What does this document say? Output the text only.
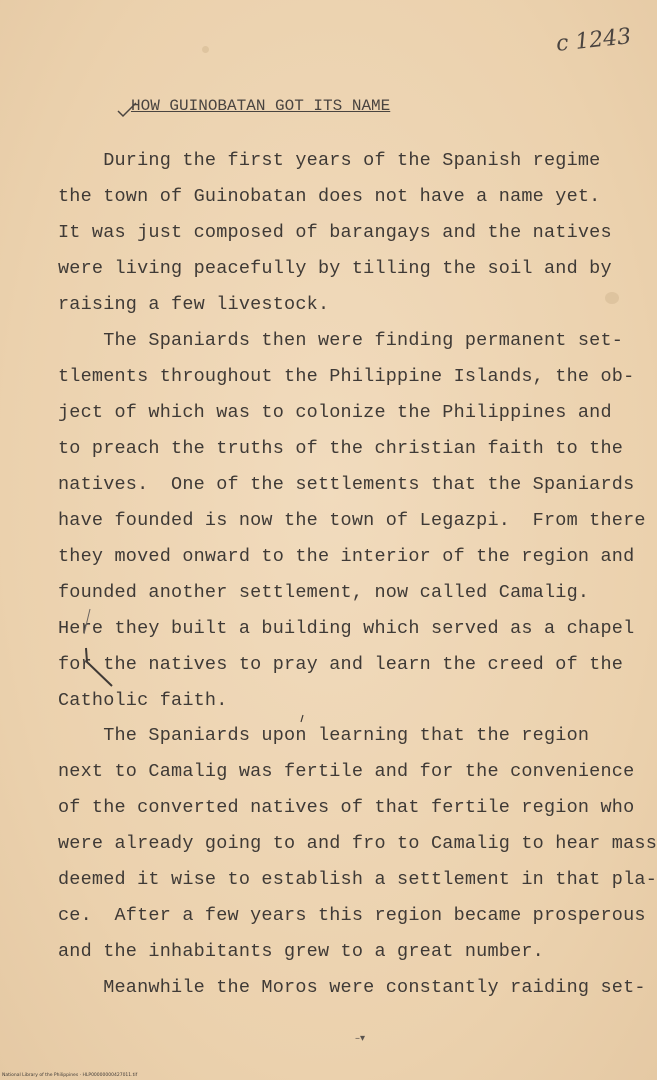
c 1243
HOW GUINOBATAN GOT ITS NAME
During the first years of the Spanish regime
the town of Guinobatan does not have a name yet.
It was just composed of barangays and the natives
were living peacefully by tilling the soil and by
raising a few livestock.
The Spaniards then were finding permanent set-
tlements throughout the Philippine Islands, the ob-
ject of which was to colonize the Philippines and
to preach the truths of the christian faith to the
natives.  One of the settlements that the Spaniards
have founded is now the town of Legazpi.  From there
they moved onward to the interior of the region and
founded another settlement, now called Camalig.
Here they built a building which served as a chapel
for the natives to pray and learn the creed of the
Catholic faith.
The Spaniards upon learning that the region
next to Camalig was fertile and for the convenience
of the converted natives of that fertile region who
were already going to and fro to Camalig to hear mass
deemed it wise to establish a settlement in that pla-
ce.  After a few years this region became prosperous
and the inhabitants grew to a great number.
Meanwhile the Moros were constantly raiding set-
–▾
National Library of the Philippines · HLP00000000427011.tif
